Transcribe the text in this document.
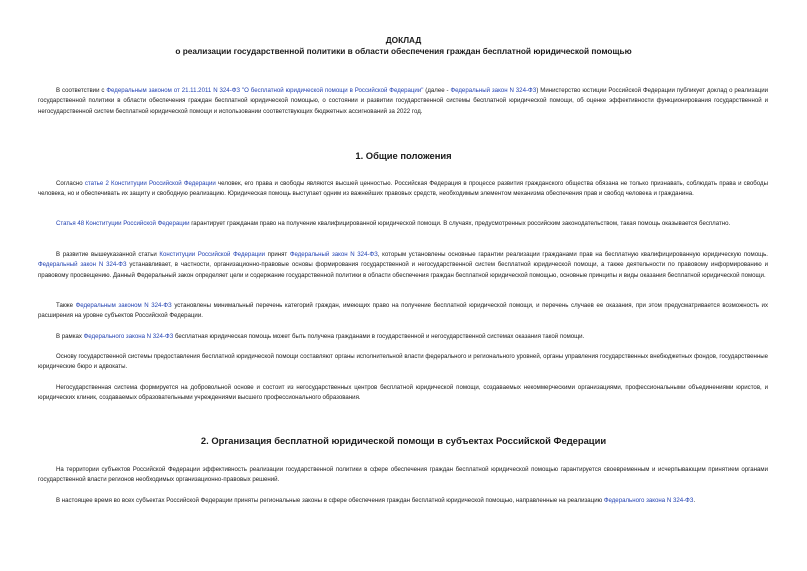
ДОКЛАД
о реализации государственной политики в области обеспечения граждан бесплатной юридической помощью
В соответствии с Федеральным законом от 21.11.2011 N 324-ФЗ "О бесплатной юридической помощи в Российской Федерации" (далее - Федеральный закон N 324-ФЗ) Министерство юстиции Российской Федерации публикует доклад о реализации государственной политики в области обеспечения граждан бесплатной юридической помощью, о состоянии и развитии государственной системы бесплатной юридической помощи, об оценке эффективности функционирования государственной и негосударственной систем бесплатной юридической помощи и использовании соответствующих бюджетных ассигнований за 2022 год.
1. Общие положения
Согласно статье 2 Конституции Российской Федерации человек, его права и свободы являются высшей ценностью. Российская Федерация в процессе развития гражданского общества обязана не только признавать, соблюдать права и свободы человека, но и обеспечивать их защиту и свободную реализацию. Юридическая помощь выступает одним из важнейших правовых средств, необходимым элементом механизма обеспечения прав и свобод человека и гражданина.
Статья 48 Конституции Российской Федерации гарантирует гражданам право на получение квалифицированной юридической помощи. В случаях, предусмотренных российским законодательством, такая помощь оказывается бесплатно.
В развитие вышеуказанной статьи Конституции Российской Федерации принят Федеральный закон N 324-ФЗ, которым установлены основные гарантии реализации гражданами прав на бесплатную квалифицированную юридическую помощь. Федеральный закон N 324-ФЗ устанавливает, в частности, организационно-правовые основы формирования государственной и негосударственной систем бесплатной юридической помощи, а также деятельности по правовому информированию и правовому просвещению. Данный Федеральный закон определяет цели и содержание государственной политики в области обеспечения граждан бесплатной юридической помощью, основные принципы и виды оказания бесплатной юридической помощи.
Также Федеральным законом N 324-ФЗ установлены минимальный перечень категорий граждан, имеющих право на получение бесплатной юридической помощи, и перечень случаев ее оказания, при этом предусматривается возможность их расширения на уровне субъектов Российской Федерации.
В рамках Федерального закона N 324-ФЗ бесплатная юридическая помощь может быть получена гражданами в государственной и негосударственной системах оказания такой помощи.
Основу государственной системы предоставления бесплатной юридической помощи составляют органы исполнительной власти федерального и регионального уровней, органы управления государственных внебюджетных фондов, государственные юридические бюро и адвокаты.
Негосударственная система формируется на добровольной основе и состоит из негосударственных центров бесплатной юридической помощи, создаваемых некоммерческими организациями, профессиональными объединениями юристов, и юридических клиник, создаваемых образовательными учреждениями высшего профессионального образования.
2. Организация бесплатной юридической помощи в субъектах Российской Федерации
На территории субъектов Российской Федерации эффективность реализации государственной политики в сфере обеспечения граждан бесплатной юридической помощью гарантируется своевременным и исчерпывающим принятием органами государственной власти регионов необходимых организационно-правовых решений.
В настоящее время во всех субъектах Российской Федерации приняты региональные законы в сфере обеспечения граждан бесплатной юридической помощью, направленные на реализацию Федерального закона N 324-ФЗ.
